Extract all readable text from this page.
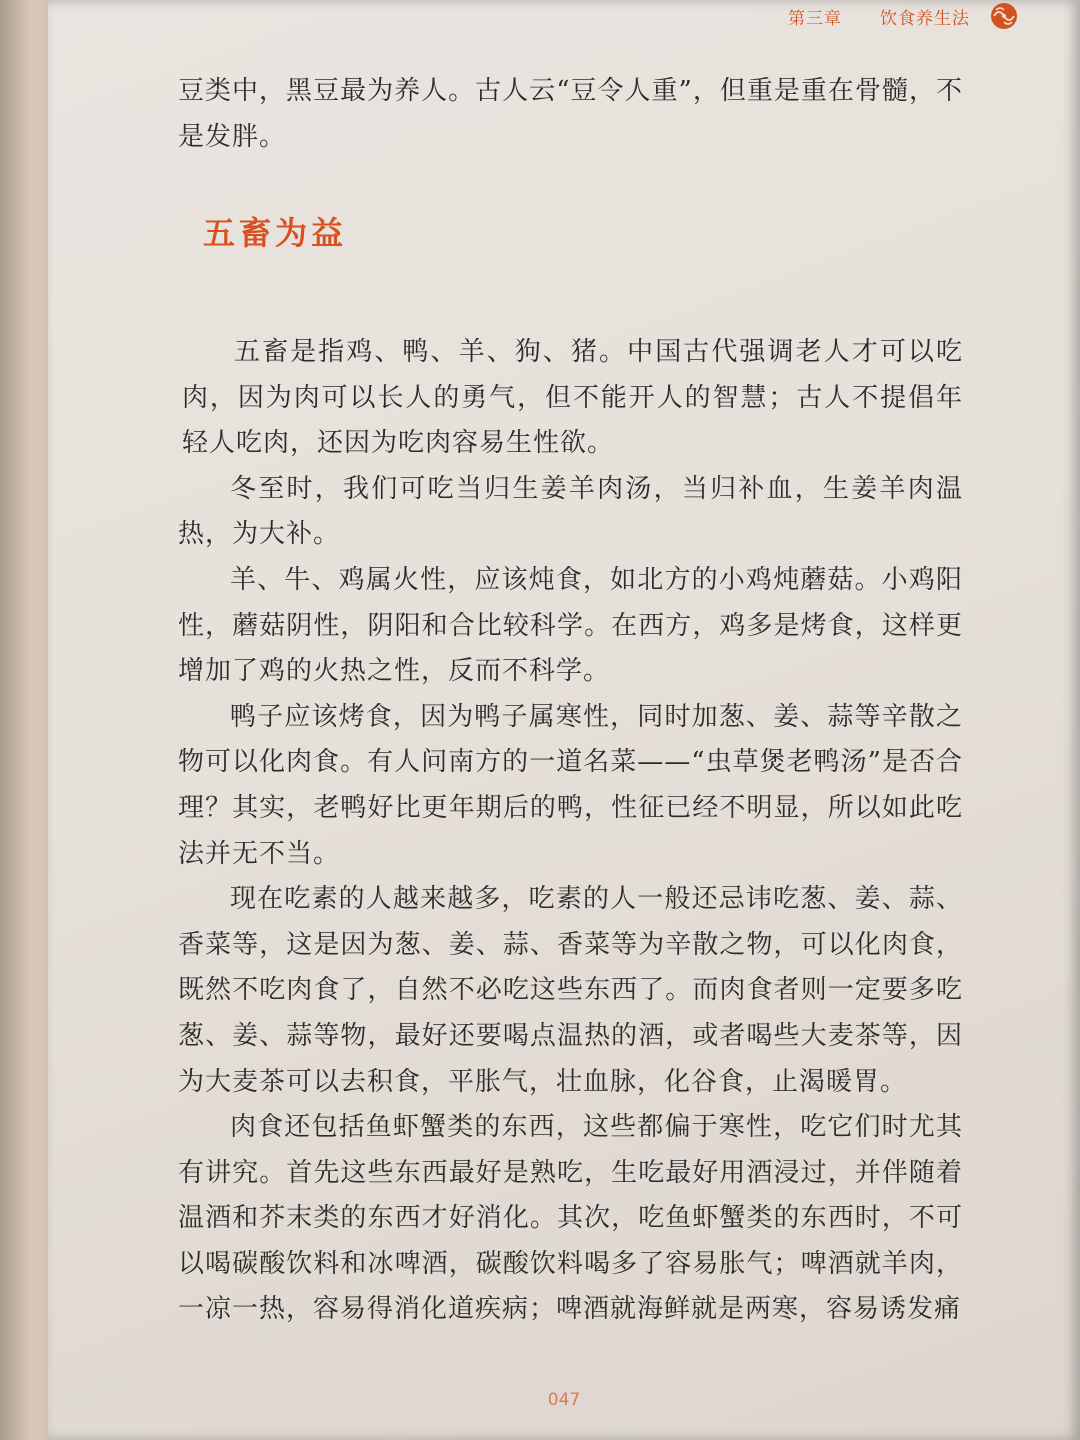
第三章 饮食养生法

豆类中，黑豆最为养人。古人云“豆令人重”，但重是重在骨髓，不是发胖。

五畜为益

五畜是指鸡、鸭、羊、狗、猪。中国古代强调老人才可以吃肉，因为肉可以长人的勇气，但不能开人的智慧；古人不提倡年轻人吃肉，还因为吃肉容易生性欲。

冬至时，我们可吃当归生姜羊肉汤，当归补血，生姜羊肉温热，为大补。

羊、牛、鸡属火性，应该炖食，如北方的小鸡炖蘑菇。小鸡阳性，蘑菇阴性，阴阳和合比较科学。在西方，鸡多是烤食，这样更增加了鸡的火热之性，反而不科学。

鸭子应该烤食，因为鸭子属寒性，同时加葱、姜、蒜等辛散之物可以化肉食。有人问南方的一道名菜——“虫草煲老鸭汤”是否合理？其实，老鸭好比更年期后的鸭，性征已经不明显，所以如此吃法并无不当。

现在吃素的人越来越多，吃素的人一般还忌讳吃葱、姜、蒜、香菜等，这是因为葱、姜、蒜、香菜等为辛散之物，可以化肉食，既然不吃肉食了，自然不必吃这些东西了。而肉食者则一定要多吃葱、姜、蒜等物，最好还要喝点温热的酒，或者喝些大麦茶等，因为大麦茶可以去积食，平胀气，壮血脉，化谷食，止渴暖胃。

肉食还包括鱼虾蟹类的东西，这些都偏于寒性，吃它们时尤其有讲究。首先这些东西最好是熟吃，生吃最好用酒浸过，并伴随着温酒和芥末类的东西才好消化。其次，吃鱼虾蟹类的东西时，不可以喝碳酸饮料和冰啤酒，碳酸饮料喝多了容易胀气；啤酒就羊肉，一凉一热，容易得消化道疾病；啤酒就海鲜就是两寒，容易诱发痛

047
